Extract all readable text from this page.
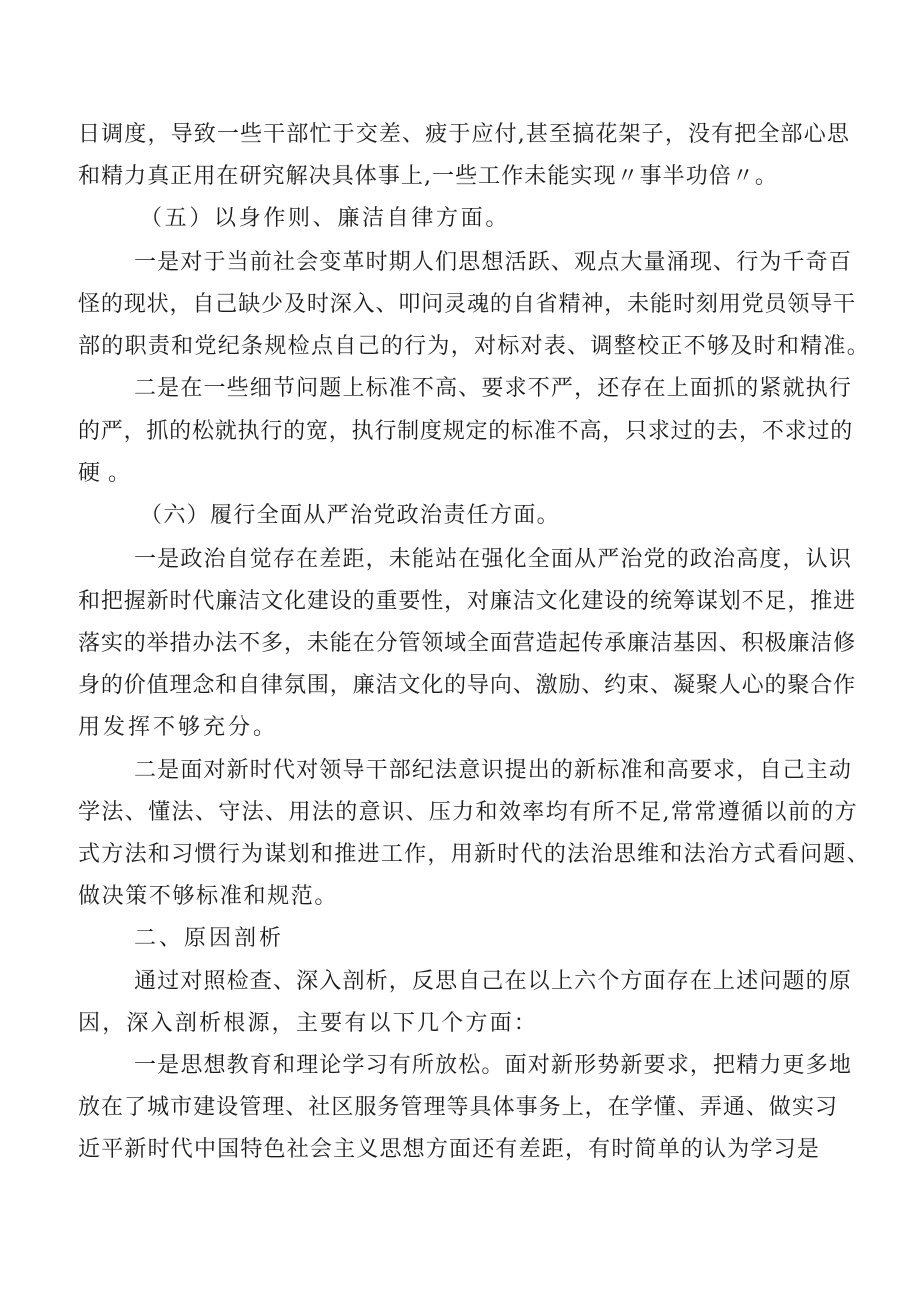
日调度，导致一些干部忙于交差、疲于应付,甚至搞花架子，没有把全部心思
和精力真正用在研究解决具体事上,一些工作未能实现〃事半功倍〃。
（五）以身作则、廉洁自律方面。
一是对于当前社会变革时期人们思想活跃、观点大量涌现、行为千奇百
怪的现状，自己缺少及时深入、叩问灵魂的自省精神，未能时刻用党员领导干
部的职责和党纪条规检点自己的行为，对标对表、调整校正不够及时和精准。
二是在一些细节问题上标准不高、要求不严，还存在上面抓的紧就执行
的严，抓的松就执行的宽，执行制度规定的标准不高，只求过的去，不求过的
硬。
（六）履行全面从严治党政治责任方面。
一是政治自觉存在差距，未能站在强化全面从严治党的政治高度，认识
和把握新时代廉洁文化建设的重要性，对廉洁文化建设的统筹谋划不足，推进
落实的举措办法不多，未能在分管领域全面营造起传承廉洁基因、积极廉洁修
身的价值理念和自律氛围，廉洁文化的导向、激励、约束、凝聚人心的聚合作
用发挥不够充分。
二是面对新时代对领导干部纪法意识提出的新标准和高要求，自己主动
学法、懂法、守法、用法的意识、压力和效率均有所不足,常常遵循以前的方
式方法和习惯行为谋划和推进工作，用新时代的法治思维和法治方式看问题、
做决策不够标准和规范。
二、原因剖析
通过对照检查、深入剖析，反思自己在以上六个方面存在上述问题的原
因，深入剖析根源，主要有以下几个方面：
一是思想教育和理论学习有所放松。面对新形势新要求，把精力更多地
放在了城市建设管理、社区服务管理等具体事务上，在学懂、弄通、做实习
近平新时代中国特色社会主义思想方面还有差距，有时简单的认为学习是
